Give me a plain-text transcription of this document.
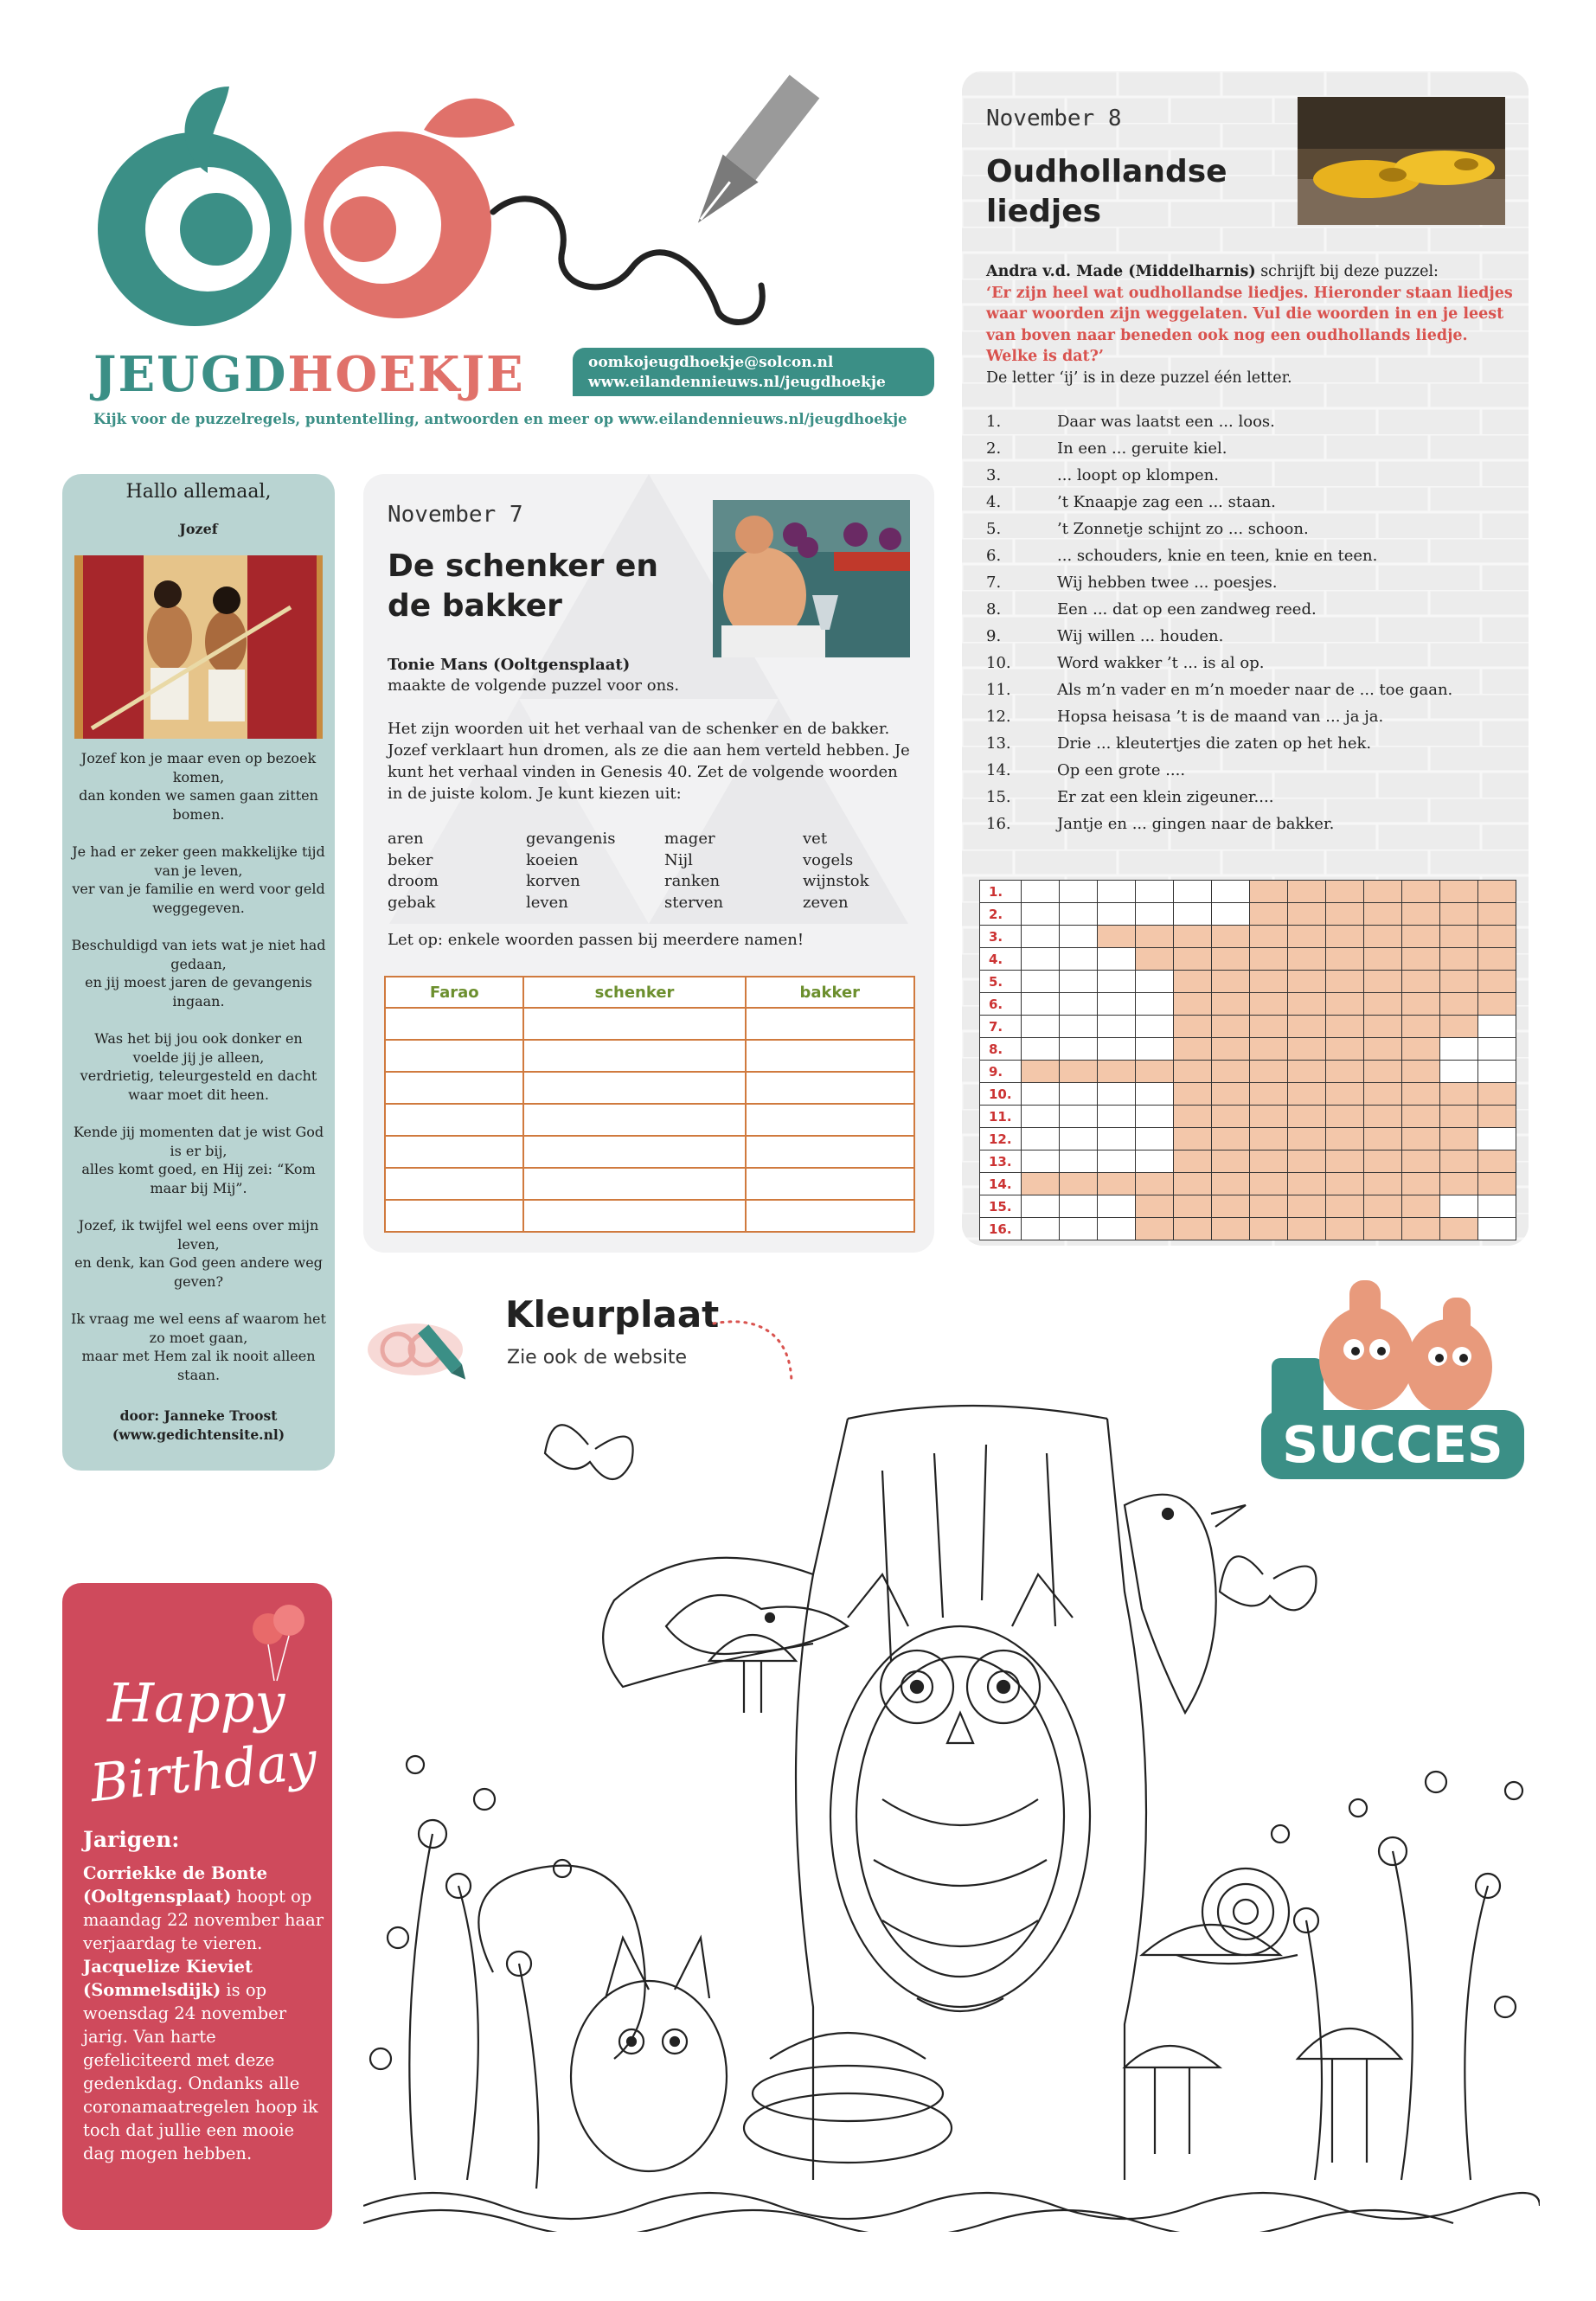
JEUGDHOEKJE	oomkojeugdhoekje@solcon.nl
www.eilandennieuws.nl/jeugdhoekje
Kijk voor de puzzelregels, puntentelling, antwoorden en meer op www.eilandennieuws.nl/jeugdhoekje
Hallo allemaal,
Jozef

Jozef kon je maar even op bezoek komen,
dan konden we samen gaan zitten bomen.

Je had er zeker geen makkelijke tijd van je leven,
ver van je familie en werd voor geld weggegeven.

Beschuldigd van iets wat je niet had gedaan,
en jij moest jaren de gevangenis ingaan.

Was het bij jou ook donker en voelde jij je alleen,
verdrietig, teleurgesteld en dacht waar moet dit heen.

Kende jij momenten dat je wist God is er bij,
alles komt goed, en Hij zei: “Kom maar bij Mij”.

Jozef, ik twijfel wel eens over mijn leven,
en denk, kan God geen andere weg geven?

Ik vraag me wel eens af waarom het zo moet gaan,
maar met Hem zal ik nooit alleen staan.

door: Janneke Troost
(www.gedichtensite.nl)
November 7
De schenker en de bakker
Tonie Mans (Ooltgensplaat)
maakte de volgende puzzel voor ons.
Het zijn woorden uit het verhaal van de schenker en de bakker. Jozef verklaart hun dromen, als ze die aan hem verteld hebben. Je kunt het verhaal vinden in Genesis 40. Zet de volgende woorden in de juiste kolom. Je kunt kiezen uit:
aren	gevangenis	mager	vet
beker	koeien	Nijl	vogels
droom	korven	ranken	wijnstok
gebak	leven	sterven	zeven
Let op: enkele woorden passen bij meerdere namen!
Farao	schenker	bakker

November 8
Oudhollandse liedjes
Andra v.d. Made (Middelharnis) schrijft bij deze puzzel:
‘Er zijn heel wat oudhollandse liedjes. Hieronder staan liedjes waar woorden zijn weggelaten. Vul die woorden in en je leest van boven naar beneden ook nog een oudhollands liedje. Welke is dat?’
De letter ‘ij’ is in deze puzzel één letter.
1.	Daar was laatst een ... loos.
2.	In een ... geruite kiel.
3.	... loopt op klompen.
4.	’t Knaapje zag een ... staan.
5.	’t Zonnetje schijnt zo ... schoon.
6.	... schouders, knie en teen, knie en teen.
7.	Wij hebben twee ... poesjes.
8.	Een ... dat op een zandweg reed.
9.	Wij willen ... houden.
10.	Word wakker ’t ... is al op.
11.	Als m’n vader en m’n moeder naar de ... toe gaan.
12.	Hopsa heisasa ’t is de maand van ... ja ja.
13.	Drie ... kleutertjes die zaten op het hek.
14.	Op een grote ....
15.	Er zat een klein zigeuner....
16.	Jantje en ... gingen naar de bakker.
1.													
2.													
3.													
4.													
5.													
6.													
7.													
8.													
9.													
10.													
11.													
12.													
13.													
14.													
15.													
16.													
Kleurplaat
Zie ook de website
SUCCES
Happy
Birthday
Jarigen:
Corriekke de Bonte (Ooltgensplaat) hoopt op maandag 22 november haar verjaardag te vieren. Jacquelize Kieviet (Sommelsdijk) is op woensdag 24 november jarig. Van harte gefeliciteerd met deze gedenkdag. Ondanks alle coronamaatregelen hoop ik toch dat jullie een mooie dag mogen hebben.
